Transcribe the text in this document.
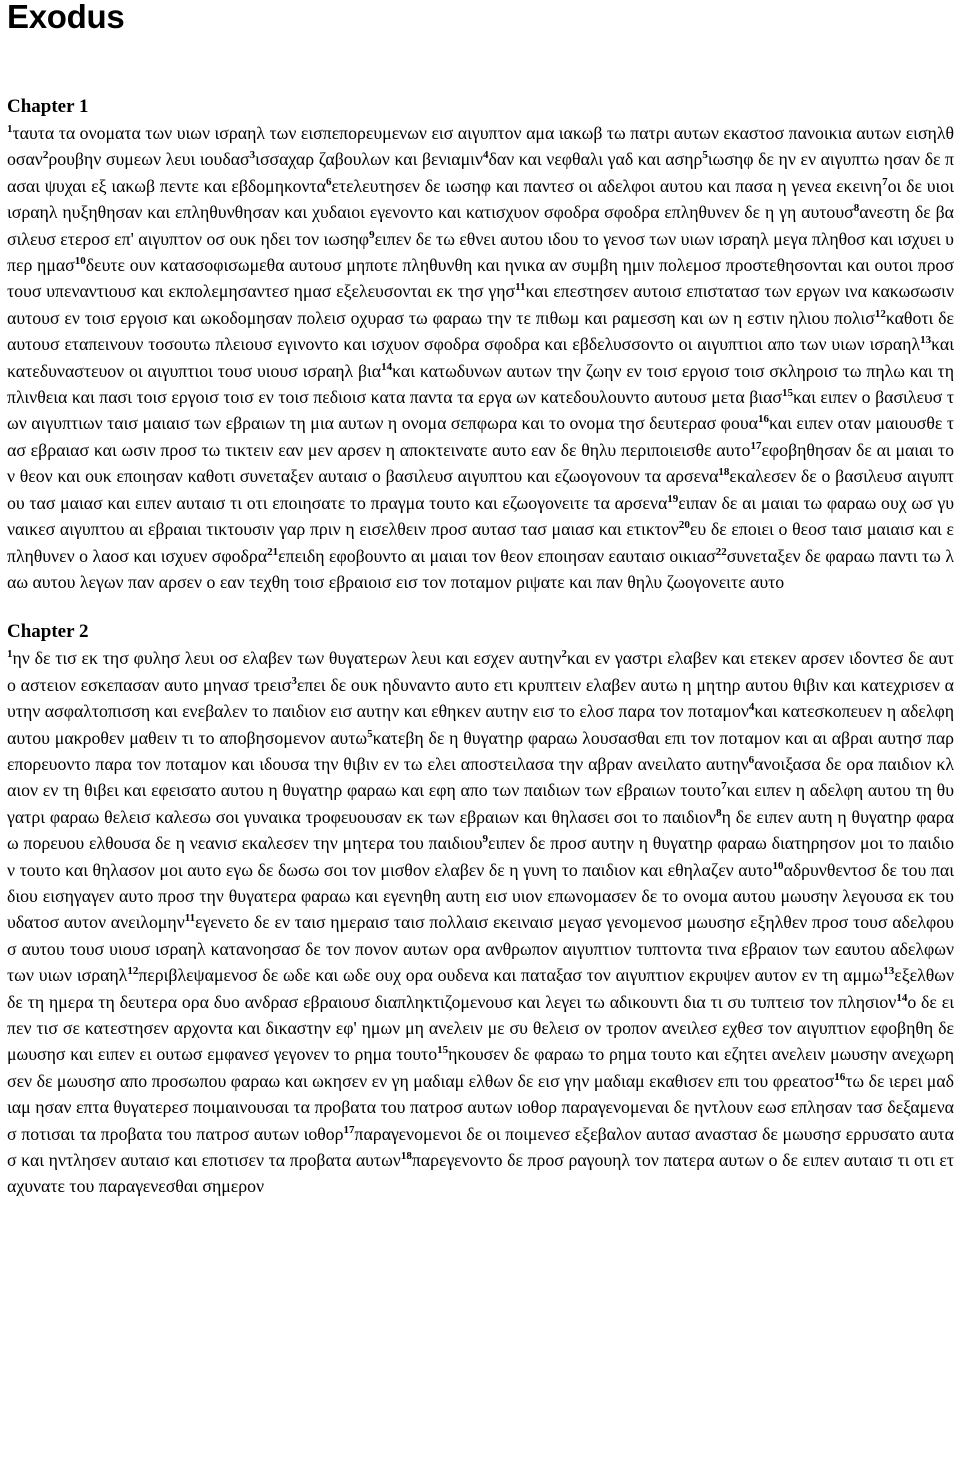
Exodus
Chapter 1

$^1$ταυτα τα ονοματα των υιων ισραηλ των εισπεπορευμενων εισ αιγυπτον αμα ιακωβ τω πατρι αυτων εκαστοσ πανοικια αυτων εισηλθοσαν$^2$ρουβην συμεων λευι ιουδασ$^3$ισσαχαρ ζαβουλων και βενιαμιν$^4$δαν και νεφθαλι γαδ και ασηρ$^5$ιωσηφ δε ην εν αιγυπτω ησαν δε πασαι ψυχαι εξ ιακωβ πεντε και εβδομηκοντα$^6$ετελευτησεν δε ιωσηφ και παντεσ οι αδελφοι αυτου και πασα η γενεα εκεινη$^7$οι δε υιοι ισραηλ ηυξηθησαν και επληθυνθησαν και χυδαιοι εγενοντο και κατισχυον σφοδρα σφοδρα επληθυνεν δε η γη αυτουσ$^8$ανεστη δε βασιλευσ ετεροσ επ' αιγυπτον οσ ουκ ηδει τον ιωσηφ$^9$ειπεν δε τω εθνει αυτου ιδου το γενοσ των υιων ισραηλ μεγα πληθοσ και ισχυει υπερ ημασ$^{10}$δευτε ουν κατασοφισωμεθα αυτουσ μηποτε πληθυνθη και ηνικα αν συμβη ημιν πολεμοσ προστεθησονται και ουτοι προσ τουσ υπεναντιουσ και εκπολεμησαντεσ ημασ εξελευσονται εκ τησ γησ$^{11}$και επεστησεν αυτοισ επιστατασ των εργων ινα κακωσωσιν αυτουσ εν τοισ εργοισ και ωκοδομησαν πολεισ οχυρασ τω φαραω την τε πιθωμ και ραμεσση και ων η εστιν ηλιου πολισ$^{12}$καθοτι δε αυτουσ εταπεινουν τοσουτω πλειουσ εγινοντο και ισχυον σφοδρα σφοδρα και εβδελυσσοντο οι αιγυπτιοι απο των υιων ισραηλ$^{13}$και κατεδυναστευον οι αιγυπτιοι τουσ υιουσ ισραηλ βια$^{14}$και κατωδυνων αυτων την ζωην εν τοισ εργοισ τοισ σκληροισ τω πηλω και τη πλινθεια και πασι τοισ εργοισ τοισ εν τοισ πεδιοισ κατα παντα τα εργα ων κατεδουλουντο αυτουσ μετα βιασ$^{15}$και ειπεν ο βασιλευσ των αιγυπτιων ταισ μαιαισ των εβραιων τη μια αυτων η ονομα σεπφωρα και το ονομα τησ δευτερασ φουα$^{16}$και ειπεν οταν μαιουσθε τασ εβραιασ και ωσιν προσ τω τικτειν εαν μεν αρσεν η αποκτεινατε αυτο εαν δε θηλυ περιποιεισθε αυτο$^{17}$εφοβηθησαν δε αι μαιαι τον θεον και ουκ εποιησαν καθοτι συνεταξεν αυταισ ο βασιλευσ αιγυπτου και εζωογονουν τα αρσενα$^{18}$εκαλεσεν δε ο βασιλευσ αιγυπτου τασ μαιασ και ειπεν αυταισ τι οτι εποιησατε το πραγμα τουτο και εζωογονειτε τα αρσενα$^{19}$ειπαν δε αι μαιαι τω φαραω ουχ ωσ γυναικεσ αιγυπτου αι εβραιαι τικτουσιν γαρ πριν η εισελθειν προσ αυτασ τασ μαιασ και ετικτον$^{20}$ευ δε εποιει ο θεοσ ταισ μαιαισ και επληθυνεν ο λαοσ και ισχυεν σφοδρα$^{21}$επειδη εφοβουντο αι μαιαι τον θεον εποιησαν εαυταισ οικιασ$^{22}$συνεταξεν δε φαραω παντι τω λαω αυτου λεγων παν αρσεν ο εαν τεχθη τοισ εβραιοισ εισ τον ποταμον ριψατε και παν θηλυ ζωογονειτε αυτο

Chapter 2

$^1$ην δε τισ εκ τησ φυλησ λευι οσ ελαβεν των θυγατερων λευι και εσχεν αυτην$^2$και εν γαστρι ελαβεν και ετεκεν αρσεν ιδοντεσ δε αυτο αστειον εσκεπασαν αυτο μηνασ τρεισ$^3$επει δε ουκ ηδυναντο αυτο ετι κρυπτειν ελαβεν αυτω η μητηρ αυτου θιβιν και κατεχρισεν αυτην ασφαλτοπισση και ενεβαλεν το παιδιον εισ αυτην και εθηκεν αυτην εισ το ελοσ παρα τον ποταμον$^4$και κατεσκοπευεν η αδελφη αυτου μακροθεν μαθειν τι το αποβησομενον αυτω$^5$κατεβη δε η θυγατηρ φαραω λουσασθαι επι τον ποταμον και αι αβραι αυτησ παρεπορευοντο παρα τον ποταμον και ιδουσα την θιβιν εν τω ελει αποστειλασα την αβραν ανειλατο αυτην$^6$ανοιξασα δε ορα παιδιον κλαιον εν τη θιβει και εφεισατο αυτου η θυγατηρ φαραω και εφη απο των παιδιων των εβραιων τουτο$^7$και ειπεν η αδελφη αυτου τη θυγατρι φαραω θελεισ καλεσω σοι γυναικα τροφευουσαν εκ των εβραιων και θηλασει σοι το παιδιον$^8$η δε ειπεν αυτη η θυγατηρ φαραω πορευου ελθουσα δε η νεανισ εκαλεσεν την μητερα του παιδιου$^9$ειπεν δε προσ αυτην η θυγατηρ φαραω διατηρησον μοι το παιδιον τουτο και θηλασον μοι αυτο εγω δε δωσω σοι τον μισθον ελαβεν δε η γυνη το παιδιον και εθηλαζεν αυτο$^{10}$αδρυνθεντοσ δε του παιδιου εισηγαγεν αυτο προσ την θυγατερα φαραω και εγενηθη αυτη εισ υιον επωνομασεν δε το ονομα αυτου μωυσην λεγουσα εκ του υδατοσ αυτον ανειλομην$^{11}$εγενετο δε εν ταισ ημεραισ ταισ πολλαισ εκειναισ μεγασ γενομενοσ μωυσησ εξηλθεν προσ τουσ αδελφουσ αυτου τουσ υιουσ ισραηλ κατανοησασ δε τον πονον αυτων ορα ανθρωπον αιγυπτιον τυπτοντα τινα εβραιον των εαυτου αδελφων των υιων ισραηλ$^{12}$περιβλεψαμενοσ δε ωδε και ωδε ουχ ορα ουδενα και παταξασ τον αιγυπτιον εκρυψεν αυτον εν τη αμμω$^{13}$εξελθων δε τη ημερα τη δευτερα ορα δυο ανδρασ εβραιουσ διαπληκτιζομενουσ και λεγει τω αδικουντι δια τι συ τυπτεισ τον πλησιον$^{14}$ο δε ειπεν τισ σε κατεστησεν αρχοντα και δικαστην εφ' ημων μη ανελειν με συ θελεισ ον τροπον ανειλεσ εχθεσ τον αιγυπτιον εφοβηθη δε μωυσησ και ειπεν ει ουτωσ εμφανεσ γεγονεν το ρημα τουτο$^{15}$ηκουσεν δε φαραω το ρημα τουτο και εζητει ανελειν μωυσην ανεχωρησεν δε μωυσησ απο προσωπου φαραω και ωκησεν εν γη μαδιαμ ελθων δε εισ γην μαδιαμ εκαθισεν επι του φρεατοσ$^{16}$τω δε ιερει μαδιαμ ησαν επτα θυγατερεσ ποιμαινουσαι τα προβατα του πατροσ αυτων ιοθορ παραγενομεναι δε ηντλουν εωσ επλησαν τασ δεξαμενασ ποτισαι τα προβατα του πατροσ αυτων ιοθορ$^{17}$παραγενομενοι δε οι ποιμενεσ εξεβαλον αυτασ αναστασ δε μωυσησ ερρυσατο αυτασ και ηντλησεν αυταισ και εποτισεν τα προβατα αυτων$^{18}$παρεγενοντο δε προσ ραγουηλ τον πατερα αυτων ο δε ειπεν αυταισ τι οτι εταχυνατε του παραγενεσθαι σημερον
